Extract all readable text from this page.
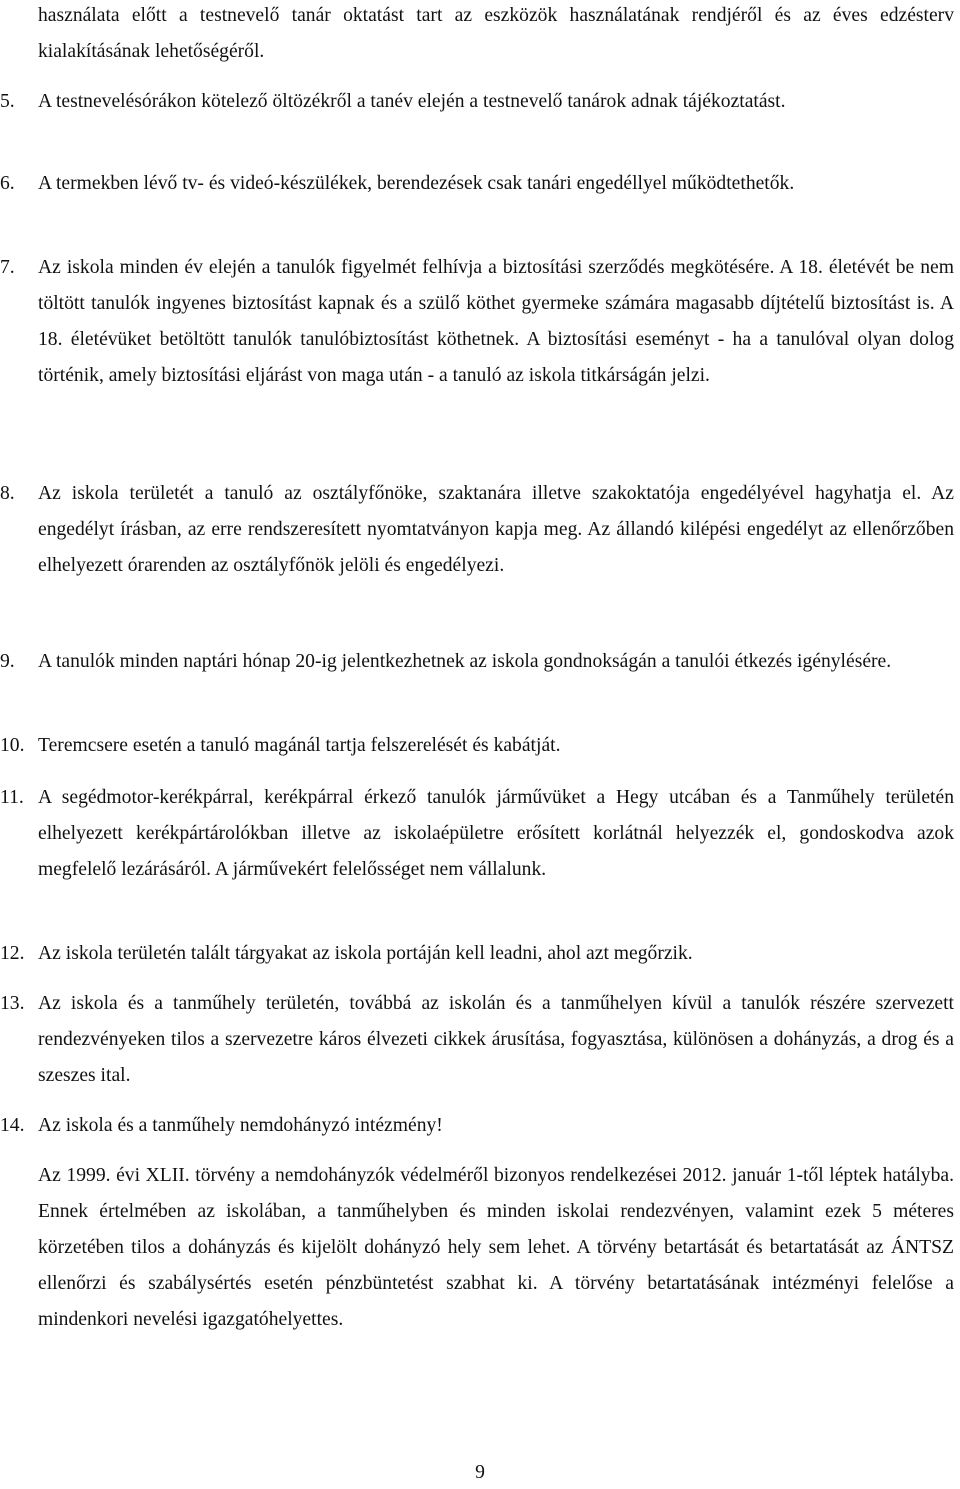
használata előtt a testnevelő tanár oktatást tart az eszközök használatának rendjéről és az éves edzésterv kialakításának lehetőségéről.
5.	A testnevelésórákon kötelező öltözékről a tanév elején a testnevelő tanárok adnak tájékoztatást.
6.	A termekben lévő tv- és videó-készülékek, berendezések csak tanári engedéllyel működtethetők.
7.	Az iskola minden év elején a tanulók figyelmét felhívja a biztosítási szerződés megkötésére. A 18. életévét be nem töltött tanulók ingyenes biztosítást kapnak és a szülő köthet gyermeke számára magasabb díjtételű biztosítást is. A 18. életévüket betöltött tanulók tanulóbiztosítást köthetnek. A biztosítási eseményt - ha a tanulóval olyan dolog történik, amely biztosítási eljárást von maga után - a tanuló az iskola titkárságán jelzi.
8.	Az iskola területét a tanuló az osztályfőnöke, szaktanára illetve szakoktatója engedélyével hagyhatja el. Az engedélyt írásban, az erre rendszeresített nyomtatványon kapja meg. Az állandó kilépési engedélyt az ellenőrzőben elhelyezett órarenden az osztályfőnök jelöli és engedélyezi.
9.	A tanulók minden naptári hónap 20-ig jelentkezhetnek az iskola gondnokságán a tanulói étkezés igénylésére.
10. Teremcsere esetén a tanuló magánál tartja felszerelését és kabátját.
11. A segédmotor-kerékpárral, kerékpárral érkező tanulók járművüket a Hegy utcában és a Tanműhely területén elhelyezett kerékpártárolókban illetve az iskolaépületre erősített korlátnál helyezzék el, gondoskodva azok megfelelő lezárásáról. A járművekért felelősséget nem vállalunk.
12. Az iskola területén talált tárgyakat az iskola portáján kell leadni, ahol azt megőrzik.
13. Az iskola és a tanműhely területén, továbbá az iskolán és a tanműhelyen kívül a tanulók részére szervezett rendezvényeken tilos a szervezetre káros élvezeti cikkek árusítása, fogyasztása, különösen a dohányzás, a drog és a szeszes ital.
14. Az iskola és a tanműhely nemdohányzó intézmény!
Az 1999. évi XLII. törvény a nemdohányzók védelméről bizonyos rendelkezései 2012. január 1-től léptek hatályba. Ennek értelmében az iskolában, a tanműhelyben és minden iskolai rendezvényen, valamint ezek 5 méteres körzetében tilos a dohányzás és kijelölt dohányzó hely sem lehet. A törvény betartását és betartatását az ÁNTSZ ellenőrzi és szabálysértés esetén pénzbüntetést szabhat ki. A törvény betartatásának intézményi felelőse a mindenkori nevelési igazgatóhelyettes.
9
